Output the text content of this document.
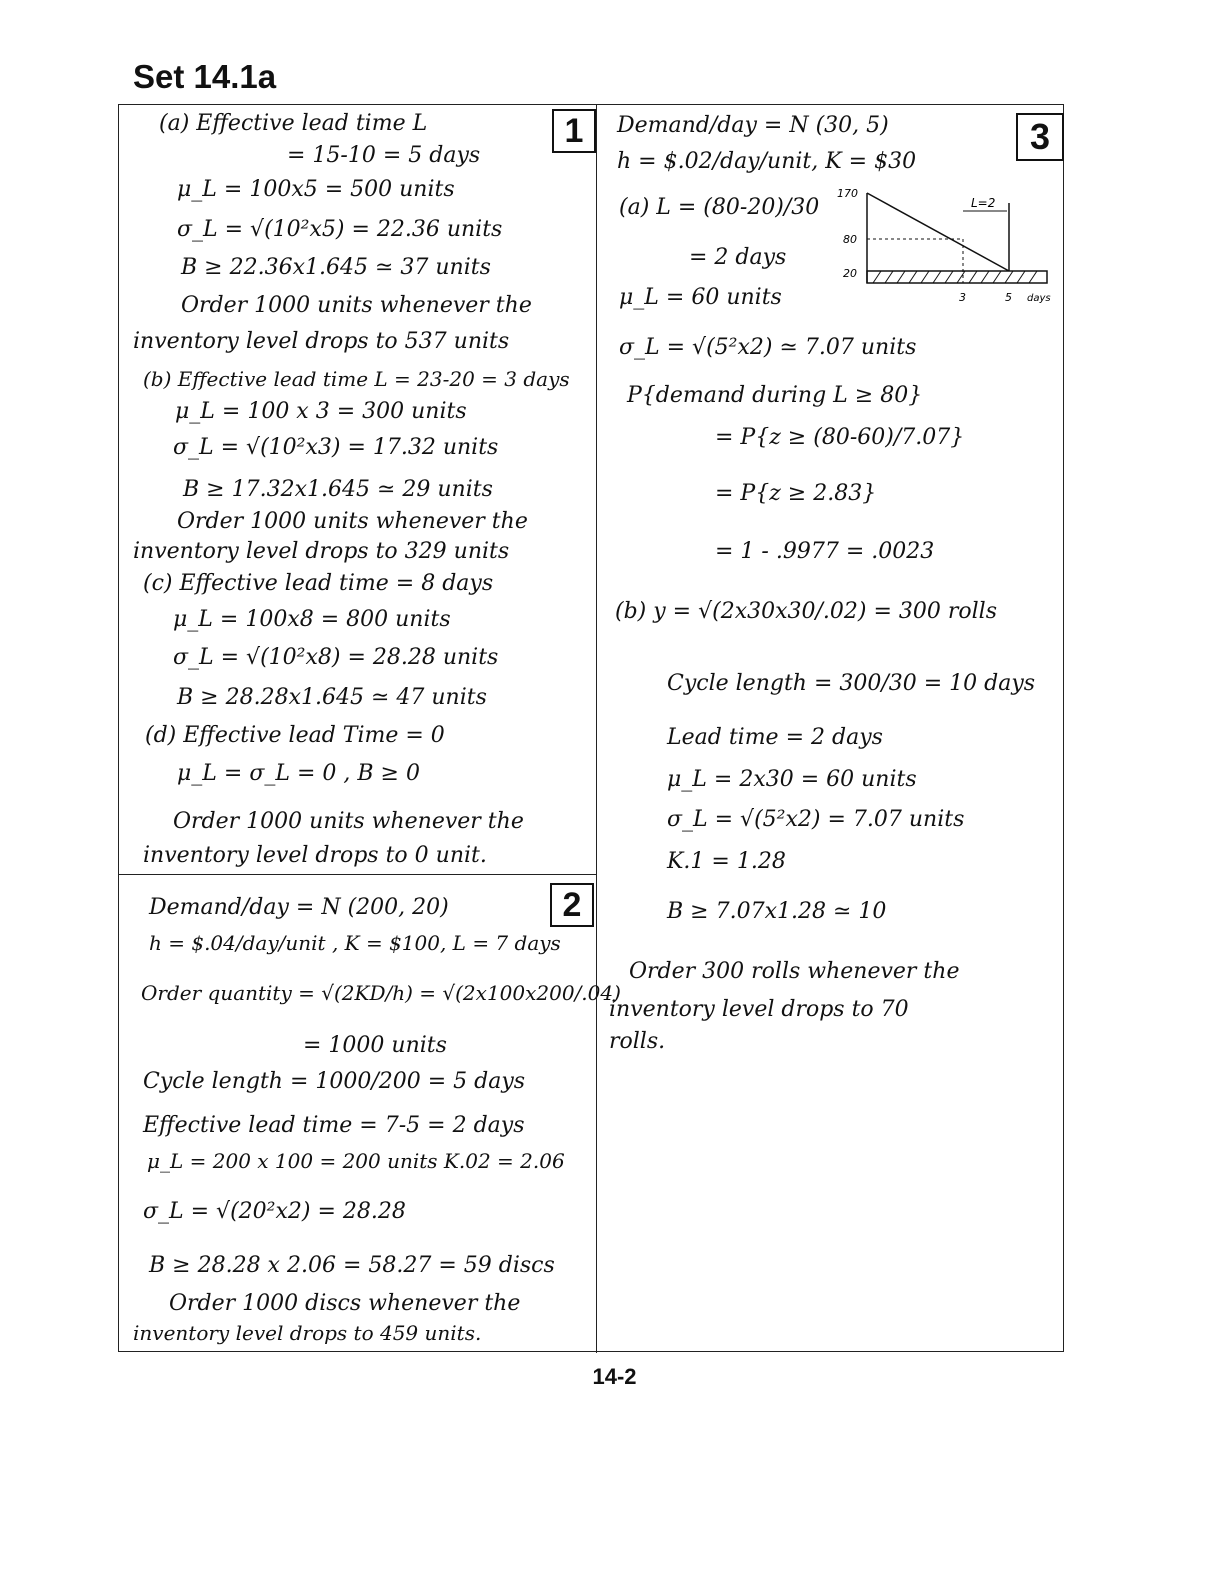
Set 14.1a
1
(a) Effective lead time L
= 15-10 = 5 days
μ_L = 100x5 = 500 units
σ_L = √(10²x5) = 22.36 units
B ≥ 22.36x1.645 ≃ 37 units
Order 1000 units whenever the
inventory level drops to 537 units
(b) Effective lead time L = 23-20 = 3 days
μ_L = 100 x 3 = 300 units
σ_L = √(10²x3) = 17.32 units
B ≥ 17.32x1.645 ≃ 29 units
Order 1000 units whenever the
inventory level drops to 329 units
(c) Effective lead time = 8 days
μ_L = 100x8 = 800 units
σ_L = √(10²x8) = 28.28 units
B ≥ 28.28x1.645 ≃ 47 units
(d) Effective lead Time = 0
μ_L = σ_L = 0 , B ≥ 0
Order 1000 units whenever the
inventory level drops to 0 unit.
2
Demand/day = N (200, 20)
h = $.04/day/unit , K = $100, L = 7 days
Order quantity = √(2KD/h) = √(2x100x200/.04)
= 1000 units
Cycle length = 1000/200 = 5 days
Effective lead time = 7-5 = 2 days
μ_L = 200 x 100 = 200 units K.02 = 2.06
σ_L = √(20²x2) = 28.28
B ≥ 28.28 x 2.06 = 58.27 = 59 discs
Order 1000 discs whenever the
inventory level drops to 459 units.
3
Demand/day = N (30, 5)
h = $.02/day/unit, K = $30
(a) L = (80-20)/30
= 2 days
μ_L = 60 units
σ_L = √(5²x2) ≃ 7.07 units
P{demand during L ≥ 80}
= P{z ≥ (80-60)/7.07}
= P{z ≥ 2.83}
= 1 - .9977 = .0023
(b) y = √(2x30x30/.02) = 300 rolls
Cycle length = 300/30 = 10 days
Lead time = 2 days
μ_L = 2x30 = 60 units
σ_L = √(5²x2) = 7.07 units
K.1 = 1.28
B ≥ 7.07x1.28 ≃ 10
Order 300 rolls whenever the
inventory level drops to 70
rolls.
170
80
20
3	5 days
L=2
14-2
